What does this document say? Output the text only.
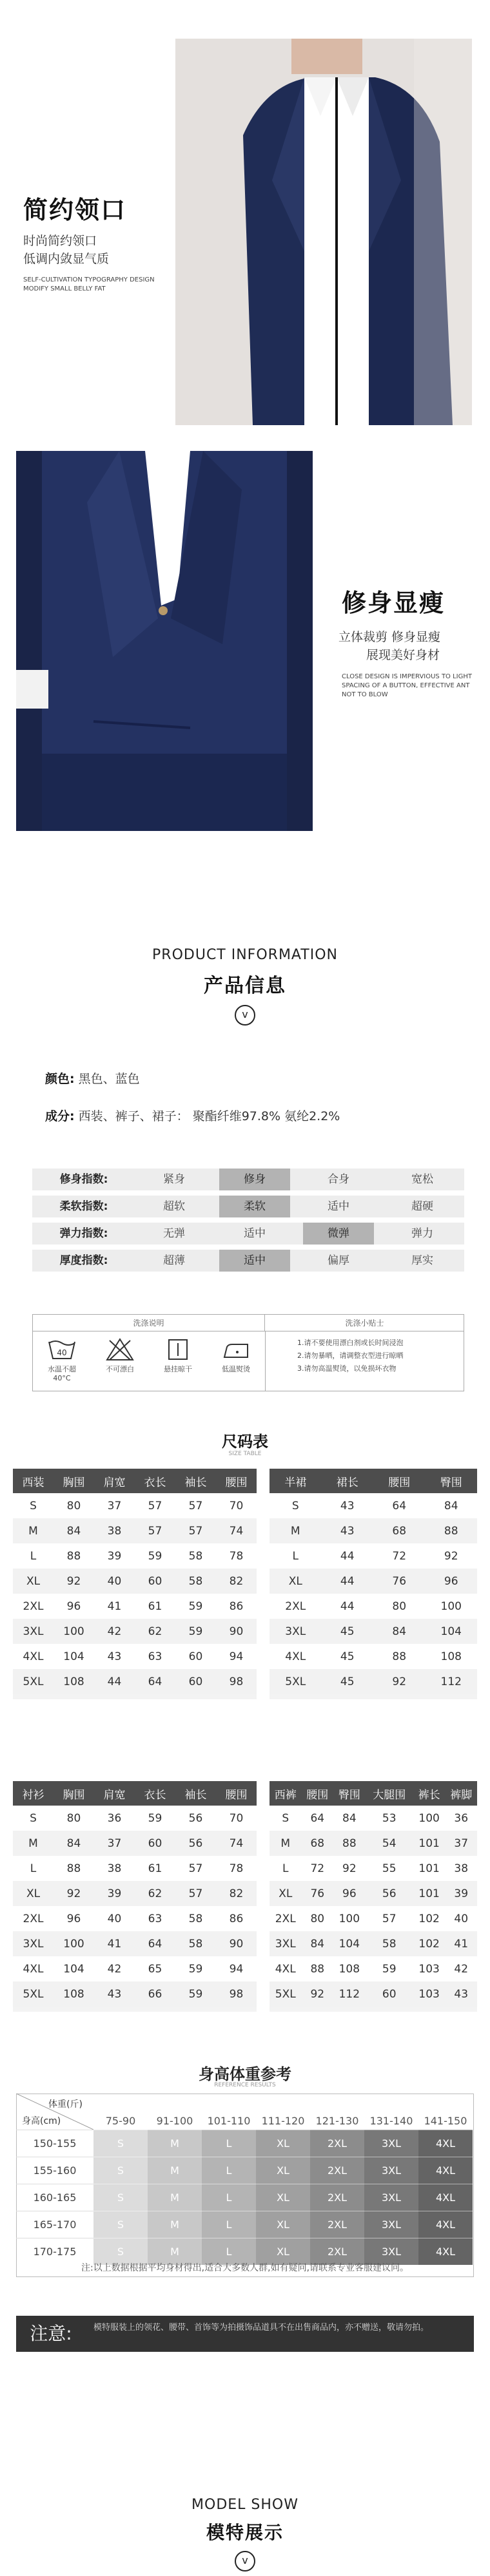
简约领口
时尚简约领口
低调内敛显气质
SELF-CULTIVATION TYPOGRAPHY DESIGN
MODIFY SMALL BELLY FAT
修身显瘦
立体裁剪 修身显瘦
展现美好身材
CLOSE DESIGN IS IMPERVIOUS TO LIGHT
SPACING OF A BUTTON, EFFECTIVE ANT
NOT TO BLOW
PRODUCT INFORMATION
产品信息
v
颜色: 黑色、蓝色
成分: 西装、裤子、裙子： 聚酯纤维97.8% 氨纶2.2%
修身指数:	紧身	修身	合身	宽松
柔软指数:	超软	柔软	适中	超硬
弹力指数:	无弹	适中	微弹	弹力
厚度指数:	超薄	适中	偏厚	厚实
洗涤说明	洗涤小贴士
40
水温不超40°C
不可漂白	悬挂晾干	低温熨烫
1.请不要使用漂白剂或长时间浸泡
2.请勿暴晒，请调整衣型进行晾晒
3.请勿高温熨烫，以免损坏衣物
尺码表
SIZE TABLE
西装	胸围	肩宽	衣长	袖长	腰围
S	80	37	57	57	70
M	84	38	57	57	74
L	88	39	59	58	78
XL	92	40	60	58	82
2XL	96	41	61	59	86
3XL	100	42	62	59	90
4XL	104	43	63	60	94
5XL	108	44	64	60	98
半裙	裙长	腰围	臀围
S	43	64	84
M	43	68	88
L	44	72	92
XL	44	76	96
2XL	44	80	100
3XL	45	84	104
4XL	45	88	108
5XL	45	92	112
衬衫	胸围	肩宽	衣长	袖长	腰围
S	80	36	59	56	70
M	84	37	60	56	74
L	88	38	61	57	78
XL	92	39	62	57	82
2XL	96	40	63	58	86
3XL	100	41	64	58	90
4XL	104	42	65	59	94
5XL	108	43	66	59	98
西裤	腰围	臀围	大腿围	裤长	裤脚
S	64	84	53	100	36
M	68	88	54	101	37
L	72	92	55	101	38
XL	76	96	56	101	39
2XL	80	100	57	102	40
3XL	84	104	58	102	41
4XL	88	108	59	103	42
5XL	92	112	60	103	43
身高体重参考
REFERENCE RESULTS
	75-90	91-100	101-110	111-120	121-130	131-140	141-150
150-155	S	M	L	XL	2XL	3XL	4XL
155-160	S	M	L	XL	2XL	3XL	4XL
160-165	S	M	L	XL	2XL	3XL	4XL
165-170	S	M	L	XL	2XL	3XL	4XL
170-175	S	M	L	XL	2XL	3XL	4XL
体重(斤)
身高(cm)
注:以上数据根据平均身材得出,适合大多数人群,如有疑问,请联系专业客服建议问。
注意:	模特服装上的领花、腰带、首饰等为拍摄饰品道具不在出售商品内，亦不赠送，敬请勿拍。
MODEL SHOW
模特展示
v
